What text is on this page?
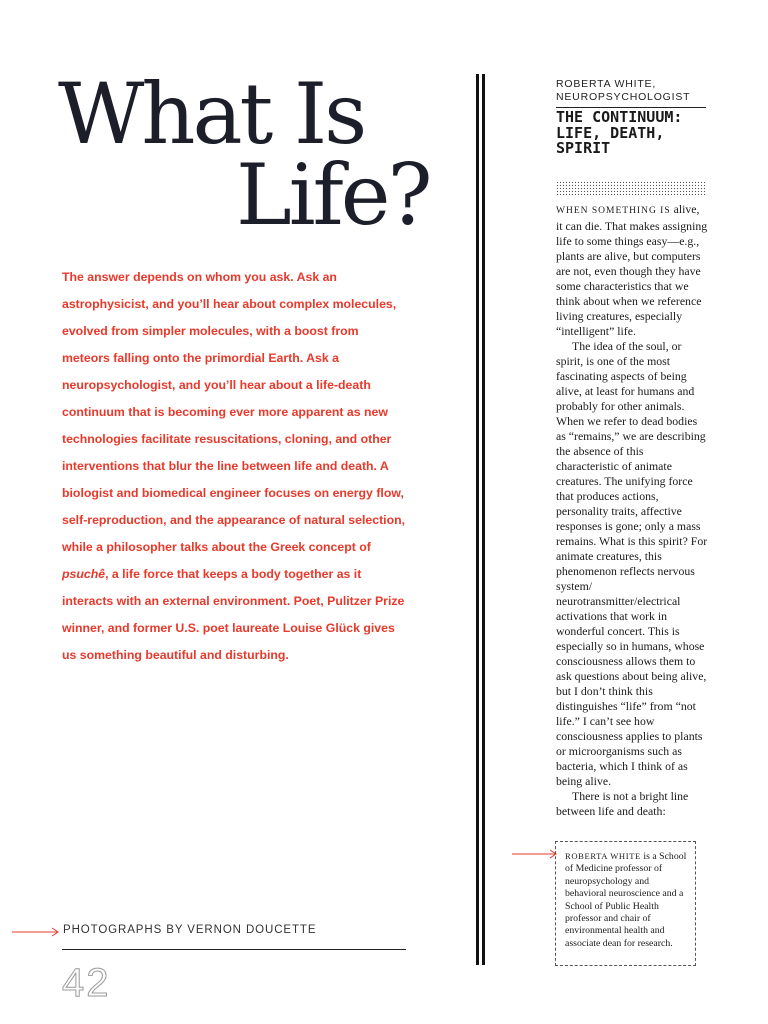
What Is
Life?

The answer depends on whom you ask. Ask an astrophysicist, and you’ll hear about complex molecules, evolved from simpler molecules, with a boost from meteors falling onto the primordial Earth. Ask a neuropsychologist, and you’ll hear about a life-death continuum that is becoming ever more apparent as new technologies facilitate resuscitations, cloning, and other interventions that blur the line between life and death. A biologist and biomedical engineer focuses on energy flow, self-reproduction, and the appearance of natural selection, while a philosopher talks about the Greek concept of psuchê, a life force that keeps a body together as it interacts with an external environment. Poet, Pulitzer Prize winner, and former U.S. poet laureate Louise Glück gives us something beautiful and disturbing.

PHOTOGRAPHS BY VERNON DOUCETTE
42
ROBERTA WHITE, NEUROPSYCHOLOGIST
THE CONTINUUM: LIFE, DEATH, SPIRIT

WHEN SOMETHING IS alive, it can die. That makes assigning life to some things easy—e.g., plants are alive, but computers are not, even though they have some characteristics that we think about when we reference living creatures, especially “intelligent” life.

The idea of the soul, or spirit, is one of the most fascinating aspects of being alive, at least for humans and probably for other animals. When we refer to dead bodies as “remains,” we are describing the absence of this characteristic of animate creatures. The unifying force that produces actions, personality traits, affective responses is gone; only a mass remains. What is this spirit? For animate creatures, this phenomenon reflects nervous system/ neurotransmitter/electrical activations that work in wonderful concert. This is especially so in humans, whose consciousness allows them to ask questions about being alive, but I don’t think this distinguishes “life” from “not life.” I can’t see how consciousness applies to plants or microorganisms such as bacteria, which I think of as being alive.

There is not a bright line between life and death:

ROBERTA WHITE is a School of Medicine professor of neuropsychology and behavioral neuroscience and a School of Public Health professor and chair of environmental health and associate dean for research.
